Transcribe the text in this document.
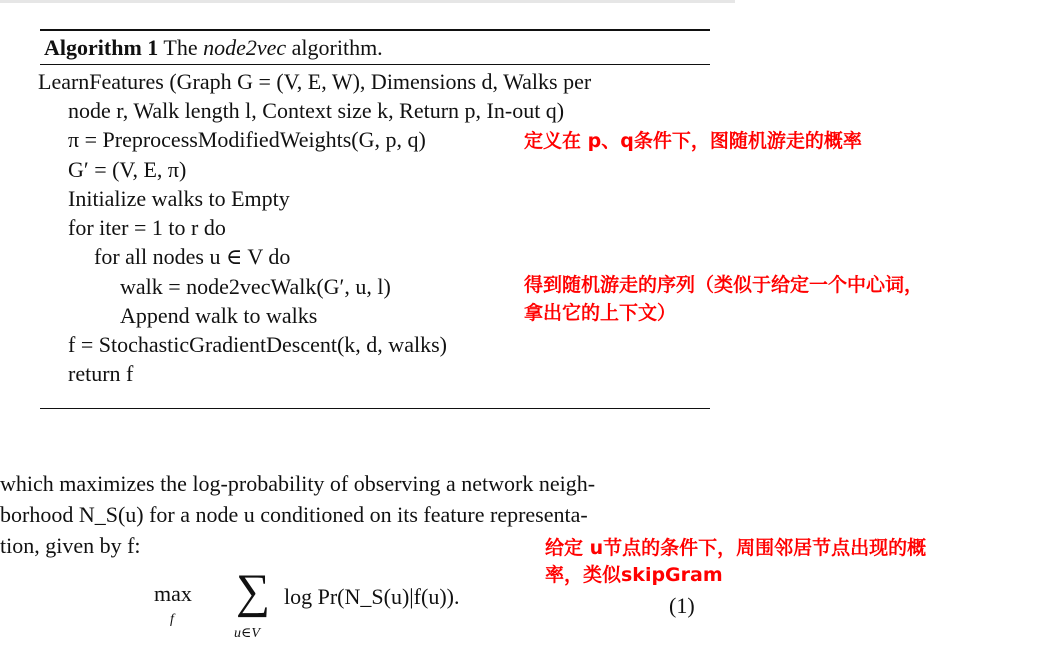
Algorithm 1 The node2vec algorithm.
LearnFeatures (Graph G = (V, E, W), Dimensions d, Walks per
node r, Walk length l, Context size k, Return p, In-out q)
π = PreprocessModifiedWeights(G, p, q)
G′ = (V, E, π)
Initialize walks to Empty
for iter = 1 to r do
for all nodes u ∈ V do
walk = node2vecWalk(G′, u, l)
Append walk to walks
f = StochasticGradientDescent(k, d, walks)
return f
定义在 p、q条件下，图随机游走的概率
得到随机游走的序列（类似于给定一个中心词，
拿出它的上下文）
给定 u节点的条件下，周围邻居节点出现的概
率，类似skipGram
which maximizes the log-probability of observing a network neigh-
borhood N_S(u) for a node u conditioned on its feature representa-
tion, given by f:
max
f
∑
u∈V
log Pr(N_S(u)|f(u)).	(1)
